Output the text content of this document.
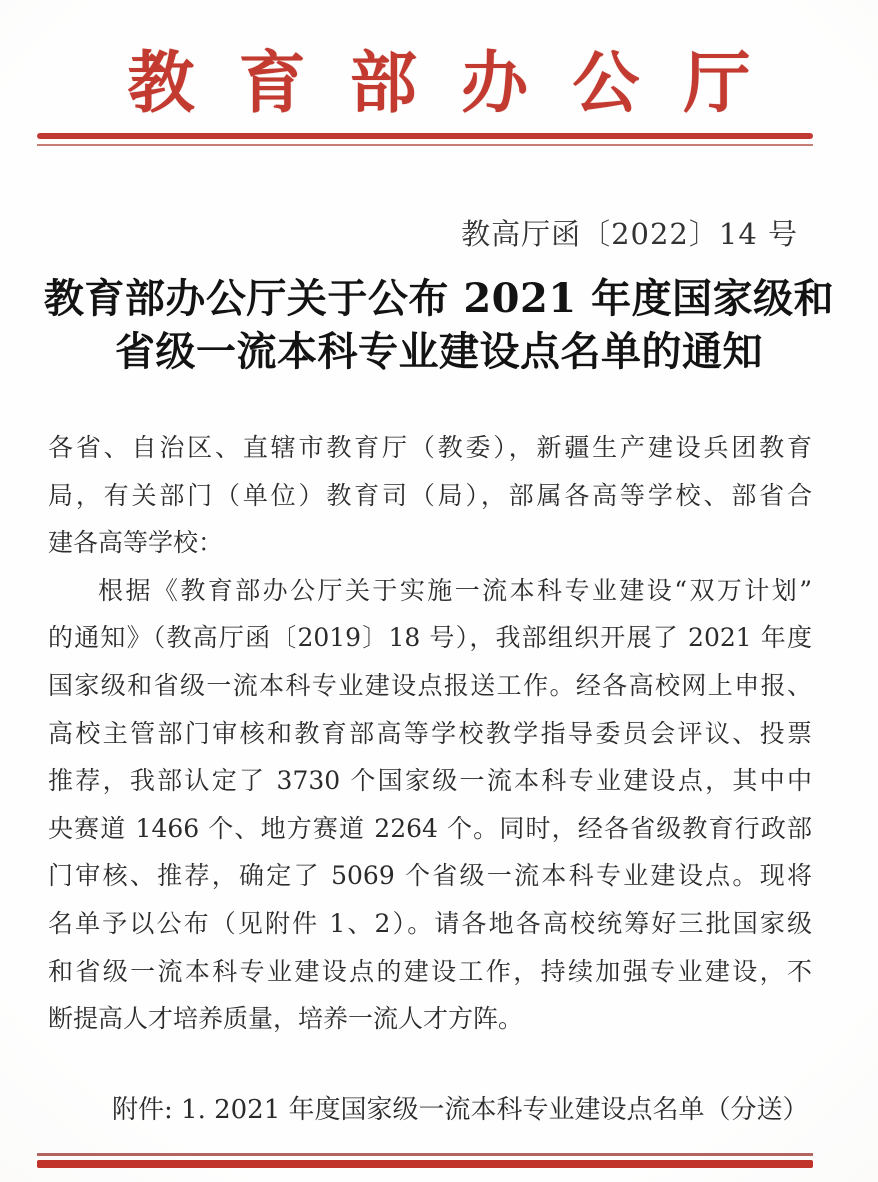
教育部办公厅
教高厅函〔2022〕14 号
教育部办公厅关于公布 2021 年度国家级和
省级一流本科专业建设点名单的通知
各省、自治区、直辖市教育厅（教委），新疆生产建设兵团教育
局，有关部门（单位）教育司（局），部属各高等学校、部省合
建各高等学校：
根据《教育部办公厅关于实施一流本科专业建设“双万计划”
的通知》（教高厅函〔2019〕18 号），我部组织开展了 2021 年度
国家级和省级一流本科专业建设点报送工作。经各高校网上申报、
高校主管部门审核和教育部高等学校教学指导委员会评议、投票
推荐，我部认定了 3730 个国家级一流本科专业建设点，其中中
央赛道 1466 个、地方赛道 2264 个。同时，经各省级教育行政部
门审核、推荐，确定了 5069 个省级一流本科专业建设点。现将
名单予以公布（见附件 1、2）。请各地各高校统筹好三批国家级
和省级一流本科专业建设点的建设工作，持续加强专业建设，不
断提高人才培养质量，培养一流人才方阵。
附件: 1. 2021 年度国家级一流本科专业建设点名单（分送）
